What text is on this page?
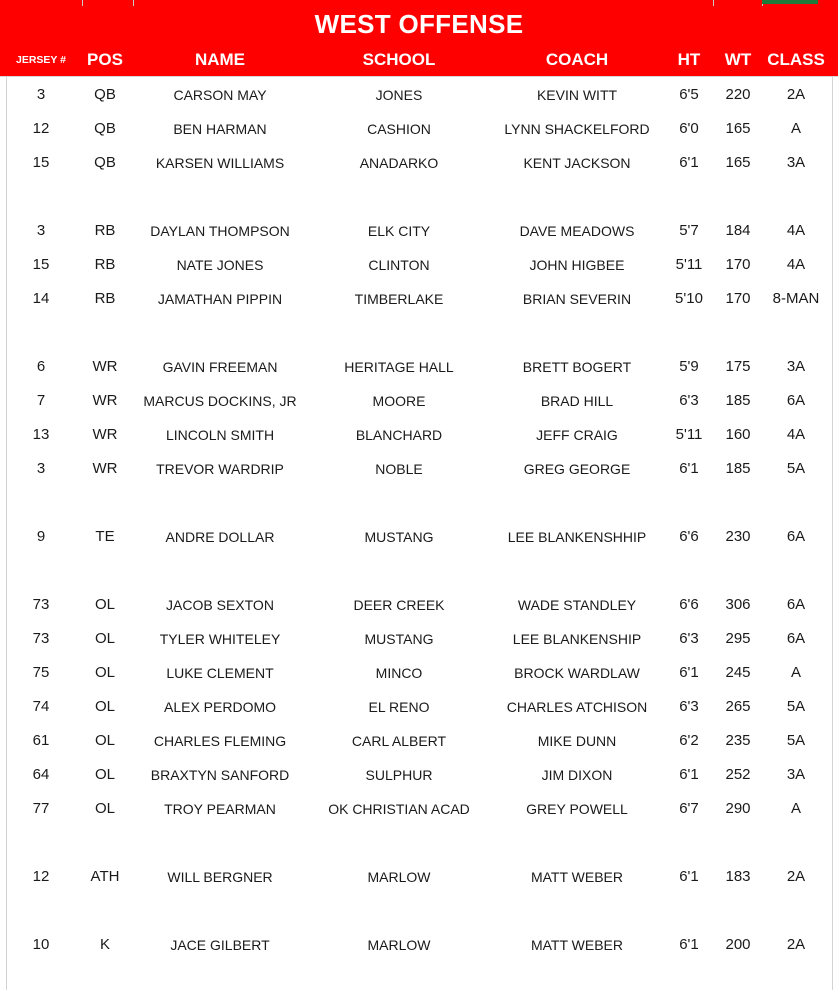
WEST OFFENSE
JERSEY #	POS	NAME	SCHOOL	COACH	HT	WT CLASS
3	QB	CARSON MAY	JONES	KEVIN WITT	6'5	220	2A
12	QB	BEN HARMAN	CASHION	LYNN SHACKELFORD	6'0	165	A
15	QB	KARSEN WILLIAMS	ANADARKO	KENT JACKSON	6'1	165	3A
3	RB	DAYLAN THOMPSON	ELK CITY	DAVE MEADOWS	5'7	184	4A
15	RB	NATE JONES	CLINTON	JOHN HIGBEE	5'11	170	4A
14	RB	JAMATHAN PIPPIN	TIMBERLAKE	BRIAN SEVERIN	5'10	170	8-MAN
6	WR	GAVIN FREEMAN	HERITAGE HALL	BRETT BOGERT	5'9	175	3A
7	WR	MARCUS DOCKINS, JR	MOORE	BRAD HILL	6'3	185	6A
13	WR	LINCOLN SMITH	BLANCHARD	JEFF CRAIG	5'11	160	4A
3	WR	TREVOR WARDRIP	NOBLE	GREG GEORGE	6'1	185	5A
9	TE	ANDRE DOLLAR	MUSTANG	LEE BLANKENSHHIP	6'6	230	6A
73	OL	JACOB SEXTON	DEER CREEK	WADE STANDLEY	6'6	306	6A
73	OL	TYLER WHITELEY	MUSTANG	LEE BLANKENSHIP	6'3	295	6A
75	OL	LUKE CLEMENT	MINCO	BROCK WARDLAW	6'1	245	A
74	OL	ALEX PERDOMO	EL RENO	CHARLES ATCHISON	6'3	265	5A
61	OL	CHARLES FLEMING	CARL ALBERT	MIKE DUNN	6'2	235	5A
64	OL	BRAXTYN SANFORD	SULPHUR	JIM DIXON	6'1	252	3A
77	OL	TROY PEARMAN	OK CHRISTIAN ACAD	GREY POWELL	6'7	290	A
12	ATH	WILL BERGNER	MARLOW	MATT WEBER	6'1	183	2A
10	K	JACE GILBERT	MARLOW	MATT WEBER	6'1	200	2A
